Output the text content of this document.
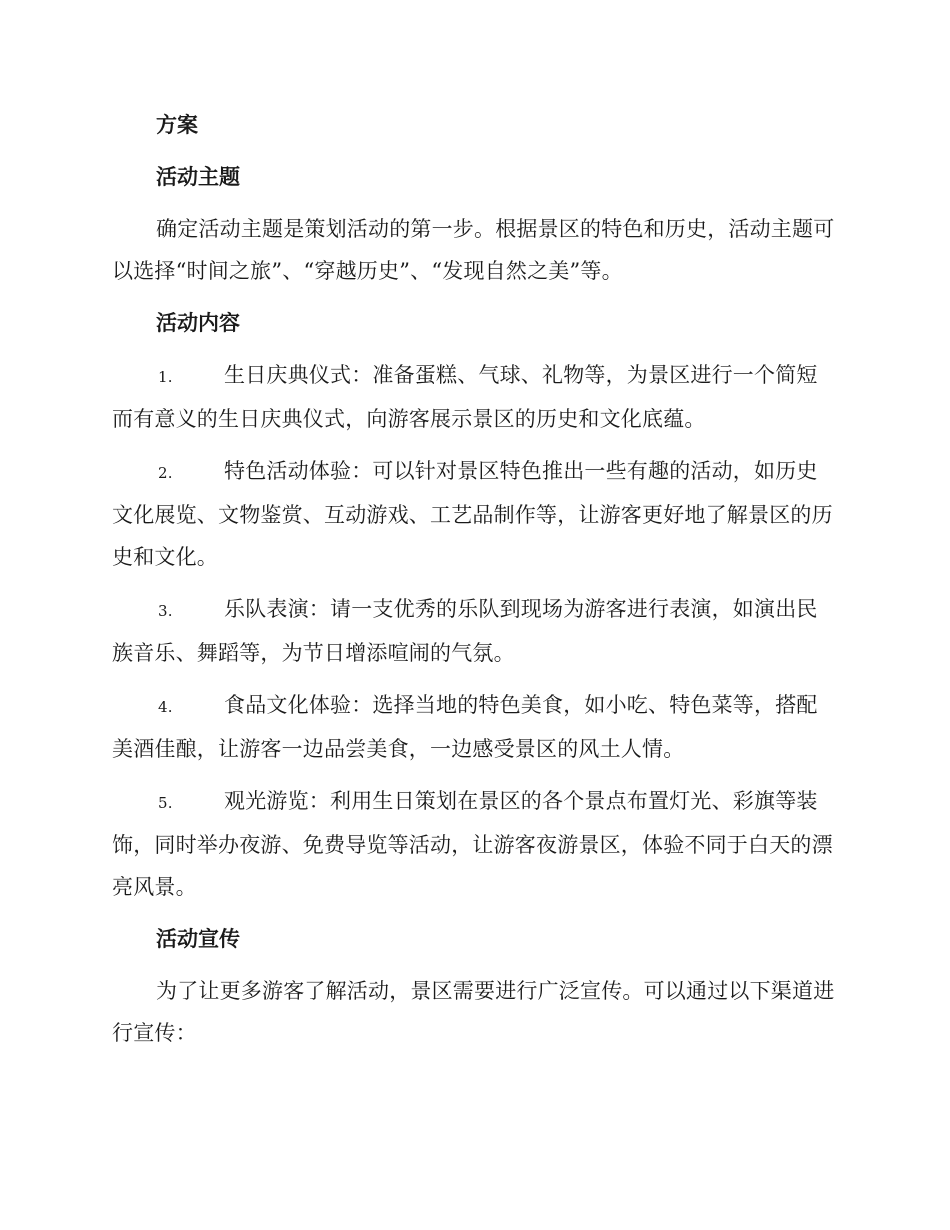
方案
活动主题

确定活动主题是策划活动的第一步。根据景区的特色和历史，活动主题可以选择“时间之旅”、“穿越历史”、“发现自然之美”等。

活动内容

1. 生日庆典仪式：准备蛋糕、气球、礼物等，为景区进行一个简短而有意义的生日庆典仪式，向游客展示景区的历史和文化底蕴。

2. 特色活动体验：可以针对景区特色推出一些有趣的活动，如历史文化展览、文物鉴赏、互动游戏、工艺品制作等，让游客更好地了解景区的历史和文化。

3. 乐队表演：请一支优秀的乐队到现场为游客进行表演，如演出民族音乐、舞蹈等，为节日增添喧闹的气氛。

4. 食品文化体验：选择当地的特色美食，如小吃、特色菜等，搭配美酒佳酿，让游客一边品尝美食，一边感受景区的风土人情。

5. 观光游览：利用生日策划在景区的各个景点布置灯光、彩旗等装饰，同时举办夜游、免费导览等活动，让游客夜游景区，体验不同于白天的漂亮风景。

活动宣传

为了让更多游客了解活动，景区需要进行广泛宣传。可以通过以下渠道进行宣传：
